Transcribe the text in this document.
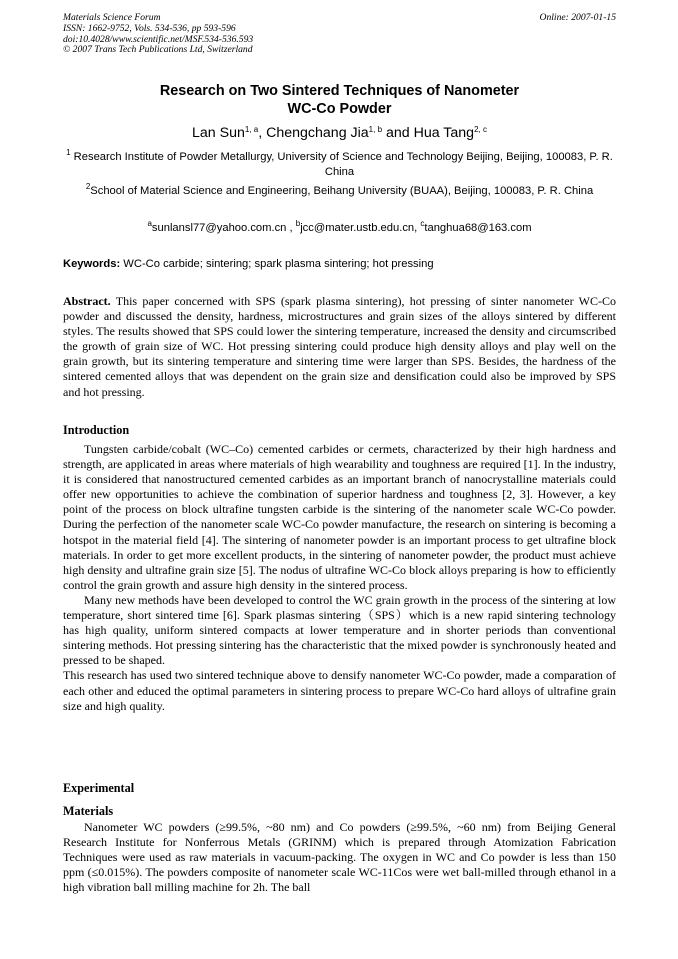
Materials Science Forum
ISSN: 1662-9752, Vols. 534-536, pp 593-596
doi:10.4028/www.scientific.net/MSF.534-536.593
© 2007 Trans Tech Publications Ltd, Switzerland
Online: 2007-01-15
Research on Two Sintered Techniques of Nanometer
WC-Co Powder
Lan Sun$^{1, a}$, Chengchang Jia$^{1, b}$ and Hua Tang$^{2, c}$
$^1$ Research Institute of Powder Metallurgy, University of Science and Technology Beijing, Beijing, 100083, P. R. China
$^2$School of Material Science and Engineering, Beihang University (BUAA), Beijing, 100083, P. R. China
$^a$sunlansl77@yahoo.com.cn , $^b$jcc@mater.ustb.edu.cn, $^c$tanghua68@163.com
Keywords: WC-Co carbide; sintering; spark plasma sintering; hot pressing
Abstract. This paper concerned with SPS (spark plasma sintering), hot pressing of sinter nanometer WC-Co powder and discussed the density, hardness, microstructures and grain sizes of the alloys sintered by different styles. The results showed that SPS could lower the sintering temperature, increased the density and circumscribed the growth of grain size of WC. Hot pressing sintering could produce high density alloys and play well on the grain growth, but its sintering temperature and sintering time were larger than SPS. Besides, the hardness of the sintered cemented alloys that was dependent on the grain size and densification could also be improved by SPS and hot pressing.
Introduction

Tungsten carbide/cobalt (WC–Co) cemented carbides or cermets, characterized by their high hardness and strength, are applicated in areas where materials of high wearability and toughness are required [1]. In the industry, it is considered that nanostructured cemented carbides as an important branch of nanocrystalline materials could offer new opportunities to achieve the combination of superior hardness and toughness [2, 3]. However, a key point of the process on block ultrafine tungsten carbide is the sintering of the nanometer scale WC-Co powder. During the perfection of the nanometer scale WC-Co powder manufacture, the research on sintering is becoming a hotspot in the material field [4]. The sintering of nanometer powder is an important process to get ultrafine block materials. In order to get more excellent products, in the sintering of nanometer powder, the product must achieve high density and ultrafine grain size [5]. The nodus of ultrafine WC-Co block alloys preparing is how to efficiently control the grain growth and assure high density in the sintered process.

Many new methods have been developed to control the WC grain growth in the process of the sintering at low temperature, short sintered time [6]. Spark plasmas sintering（SPS）which is a new rapid sintering technology has high quality, uniform sintered compacts at lower temperature and in shorter periods than conventional sintering methods. Hot pressing sintering has the characteristic that the mixed powder is synchronously heated and pressed to be shaped.

This research has used two sintered technique above to densify nanometer WC-Co powder, made a comparation of each other and educed the optimal parameters in sintering process to prepare WC-Co hard alloys of ultrafine grain size and high quality.

Experimental
Materials

Nanometer WC powders (≥99.5%, ~80 nm) and Co powders (≥99.5%, ~60 nm) from Beijing General Research Institute for Nonferrous Metals (GRINM) which is prepared through Atomization Fabrication Techniques were used as raw materials in vacuum-packing. The oxygen in WC and Co powder is less than 150 ppm (≤0.015%). The powders composite of nanometer scale WC-11Cos were wet ball-milled through ethanol in a high vibration ball milling machine for 2h. The ball
